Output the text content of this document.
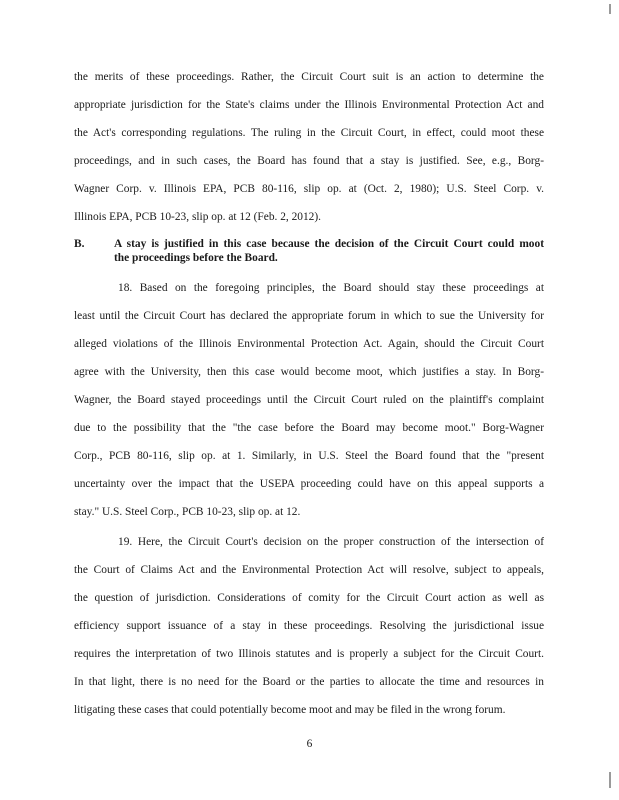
the merits of these proceedings. Rather, the Circuit Court suit is an action to determine the
appropriate jurisdiction for the State's claims under the Illinois Environmental Protection Act and
the Act's corresponding regulations. The ruling in the Circuit Court, in effect, could moot these
proceedings, and in such cases, the Board has found that a stay is justified. See, e.g., Borg-
Wagner Corp. v. Illinois EPA, PCB 80-116, slip op. at (Oct. 2, 1980); U.S. Steel Corp. v.
Illinois EPA, PCB 10-23, slip op. at 12 (Feb. 2, 2012).
B.	A stay is justified in this case because the decision of the Circuit Court could moot
the proceedings before the Board.
18. Based on the foregoing principles, the Board should stay these proceedings at
least until the Circuit Court has declared the appropriate forum in which to sue the University for
alleged violations of the Illinois Environmental Protection Act. Again, should the Circuit Court
agree with the University, then this case would become moot, which justifies a stay. In Borg-
Wagner, the Board stayed proceedings until the Circuit Court ruled on the plaintiff's complaint
due to the possibility that the "the case before the Board may become moot." Borg-Wagner
Corp., PCB 80-116, slip op. at 1. Similarly, in U.S. Steel the Board found that the "present
uncertainty over the impact that the USEPA proceeding could have on this appeal supports a
stay." U.S. Steel Corp., PCB 10-23, slip op. at 12.
19. Here, the Circuit Court's decision on the proper construction of the intersection of
the Court of Claims Act and the Environmental Protection Act will resolve, subject to appeals,
the question of jurisdiction. Considerations of comity for the Circuit Court action as well as
efficiency support issuance of a stay in these proceedings. Resolving the jurisdictional issue
requires the interpretation of two Illinois statutes and is properly a subject for the Circuit Court.
In that light, there is no need for the Board or the parties to allocate the time and resources in
litigating these cases that could potentially become moot and may be filed in the wrong forum.
6
